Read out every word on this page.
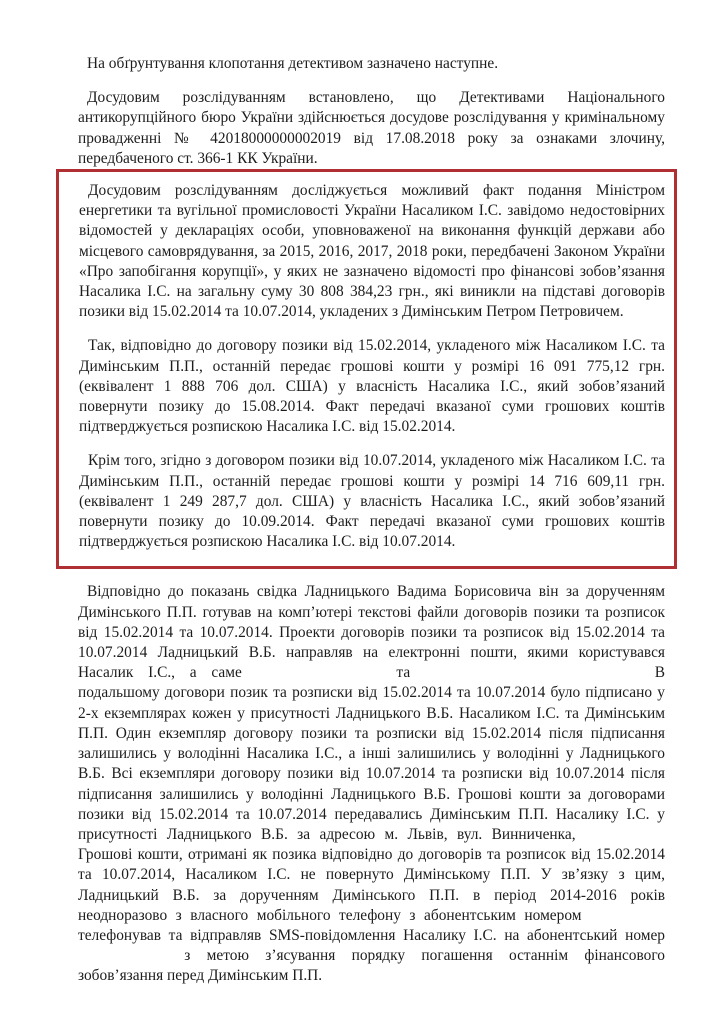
На обґрунтування клопотання детективом зазначено наступне.

Досудовим розслідуванням встановлено, що Детективами Національного антикорупційного бюро України здійснюється досудове розслідування у кримінальному провадженні № 42018000000002019 від 17.08.2018 року за ознаками злочину, передбаченого ст. 366-1 КК України.

Досудовим розслідуванням досліджується можливий факт подання Міністром енергетики та вугільної промисловості України Насаликом І.С. завідомо недостовірних відомостей у деклараціях особи, уповноваженої на виконання функцій держави або місцевого самоврядування, за 2015, 2016, 2017, 2018 роки, передбачені Законом України «Про запобігання корупції», у яких не зазначено відомості про фінансові зобов’язання Насалика І.С. на загальну суму 30 808 384,23 грн., які виникли на підставі договорів позики від 15.02.2014 та 10.07.2014, укладених з Димінським Петром Петровичем.

Так, відповідно до договору позики від 15.02.2014, укладеного між Насаликом І.С. та Димінським П.П., останній передає грошові кошти у розмірі 16 091 775,12 грн. (еквівалент 1 888 706 дол. США) у власність Насалика І.С., який зобов’язаний повернути позику до 15.08.2014. Факт передачі вказаної суми грошових коштів підтверджується розпискою Насалика І.С. від 15.02.2014.

Крім того, згідно з договором позики від 10.07.2014, укладеного між Насаликом І.С. та Димінським П.П., останній передає грошові кошти у розмірі 14 716 609,11 грн. (еквівалент 1 249 287,7 дол. США) у власність Насалика І.С., який зобов’язаний повернути позику до 10.09.2014. Факт передачі вказаної суми грошових коштів підтверджується розпискою Насалика І.С. від 10.07.2014.

Відповідно до показань свідка Ладницького Вадима Борисовича він за дорученням Димінського П.П. готував на комп’ютері текстові файли договорів позики та розписок від 15.02.2014 та 10.07.2014. Проекти договорів позики та розписок від 15.02.2014 та 10.07.2014 Ладницький В.Б. направляв на електронні пошти, якими користувався Насалик І.С., а саме	та	В подальшому договори позик та розписки від 15.02.2014 та 10.07.2014 було підписано у 2-х екземплярах кожен у присутності Ладницького В.Б. Насаликом І.С. та Димінським П.П. Один екземпляр договору позики та розписки від 15.02.2014 після підписання залишились у володінні Насалика І.С., а інші залишились у володінні у Ладницького В.Б. Всі екземпляри договору позики від 10.07.2014 та розписки від 10.07.2014 після підписання залишились у володінні Ладницького В.Б. Грошові кошти за договорами позики від 15.02.2014 та 10.07.2014 передавались Димінським П.П. Насалику І.С. у присутності Ладницького В.Б. за адресою м. Львів, вул. Винниченка,  Грошові кошти, отримані як позика відповідно до договорів та розписок від 15.02.2014 та 10.07.2014, Насаликом І.С. не повернуто Димінському П.П. У зв’язку з цим, Ладницький В.Б. за дорученням Димінського П.П. в період 2014-2016 років неодноразово з власного мобільного телефону з абонентським номером  телефонував та відправляв SMS-повідомлення Насалику І.С. на абонентський номер  з метою з’ясування порядку погашення останнім фінансового зобов’язання перед Димінським П.П.
